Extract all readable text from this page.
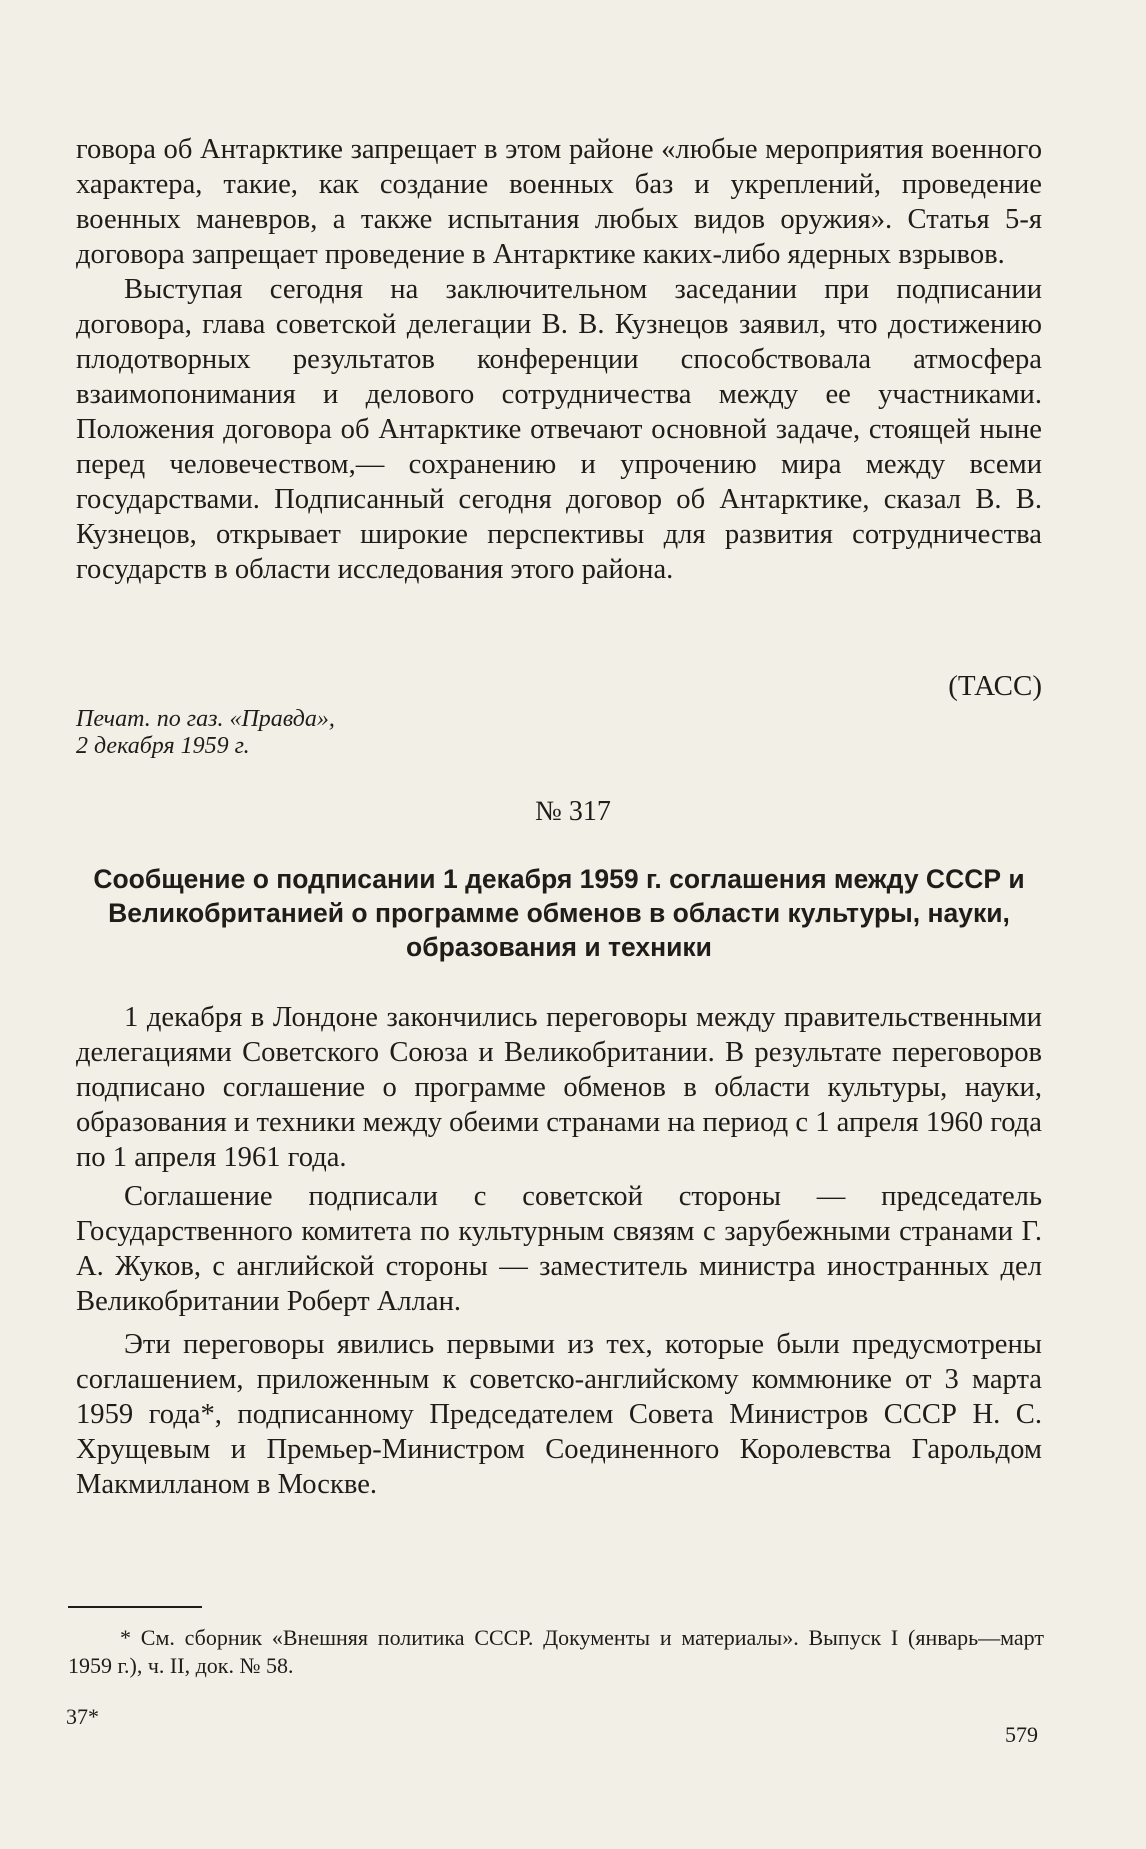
говора об Антарктике запрещает в этом районе «любые мероприятия военного характера, такие, как создание военных баз и укреплений, проведение военных маневров, а также испытания любых видов оружия». Статья 5-я договора запрещает проведение в Антарктике каких-либо ядерных взрывов.

Выступая сегодня на заключительном заседании при подписании договора, глава советской делегации В. В. Кузнецов заявил, что достижению плодотворных результатов конференции способствовала атмосфера взаимопонимания и делового сотрудничества между ее участниками. Положения договора об Антарктике отвечают основной задаче, стоящей ныне перед человечеством,— сохранению и упрочению мира между всеми государствами. Подписанный сегодня договор об Антарктике, сказал В. В. Кузнецов, открывает широкие перспективы для развития сотрудничества государств в области исследования этого района.

(ТАСС)
Печат. по газ. «Правда»,
2 декабря 1959 г.
№ 317
Сообщение о подписании 1 декабря 1959 г. соглашения между СССР и Великобританией о программе обменов в области культуры, науки, образования и техники

1 декабря в Лондоне закончились переговоры между правительственными делегациями Советского Союза и Великобритании. В результате переговоров подписано соглашение о программе обменов в области культуры, науки, образования и техники между обеими странами на период с 1 апреля 1960 года по 1 апреля 1961 года.

Соглашение подписали с советской стороны — председатель Государственного комитета по культурным связям с зарубежными странами Г. А. Жуков, с английской стороны — заместитель министра иностранных дел Великобритании Роберт Аллан.

Эти переговоры явились первыми из тех, которые были предусмотрены соглашением, приложенным к советско-английскому коммюнике от 3 марта 1959 года*, подписанному Председателем Совета Министров СССР Н. С. Хрущевым и Премьер-Министром Соединенного Королевства Гарольдом Макмилланом в Москве.

* См. сборник «Внешняя политика СССР. Документы и материалы». Выпуск I (январь—март 1959 г.), ч. II, док. № 58.

37*
579
